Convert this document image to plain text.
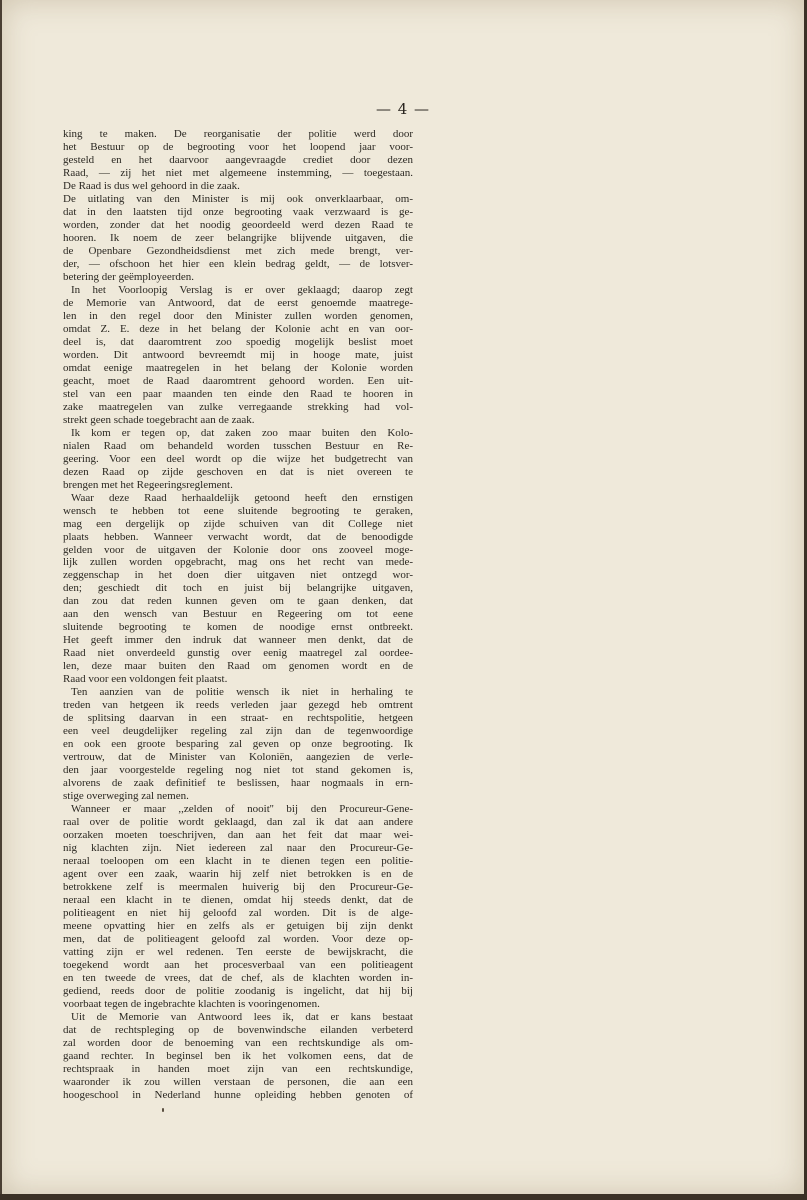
— 4 —
king te maken. De reorganisatie der politie werd door
het Bestuur op de begrooting voor het loopend jaar voor-
gesteld en het daarvoor aangevraagde crediet door dezen
Raad, — zij het niet met algemeene instemming, — toegestaan.
De Raad is dus wel gehoord in die zaak.
De uitlating van den Minister is mij ook onverklaarbaar, om-
dat in den laatsten tijd onze begrooting vaak verzwaard is ge-
worden, zonder dat het noodig geoordeeld werd dezen Raad te
hooren. Ik noem de zeer belangrijke blijvende uitgaven, die
de Openbare Gezondheidsdienst met zich mede brengt, ver-
der, — ofschoon het hier een klein bedrag geldt, — de lotsver-
betering der geëmployeerden.
In het Voorloopig Verslag is er over geklaagd; daarop zegt
de Memorie van Antwoord, dat de eerst genoemde maatrege-
len in den regel door den Minister zullen worden genomen,
omdat Z. E. deze in het belang der Kolonie acht en van oor-
deel is, dat daaromtrent zoo spoedig mogelijk beslist moet
worden. Dit antwoord bevreemdt mij in hooge mate, juist
omdat eenige maatregelen in het belang der Kolonie worden
geacht, moet de Raad daaromtrent gehoord worden. Een uit-
stel van een paar maanden ten einde den Raad te hooren in
zake maatregelen van zulke verregaande strekking had vol-
strekt geen schade toegebracht aan de zaak.
Ik kom er tegen op, dat zaken zoo maar buiten den Kolo-
nialen Raad om behandeld worden tusschen Bestuur en Re-
geering. Voor een deel wordt op die wijze het budgetrecht van
dezen Raad op zijde geschoven en dat is niet overeen te
brengen met het Regeeringsreglement.
Waar deze Raad herhaaldelijk getoond heeft den ernstigen
wensch te hebben tot eene sluitende begrooting te geraken,
mag een dergelijk op zijde schuiven van dit College niet
plaats hebben. Wanneer verwacht wordt, dat de benoodigde
gelden voor de uitgaven der Kolonie door ons zooveel moge-
lijk zullen worden opgebracht, mag ons het recht van mede-
zeggenschap in het doen dier uitgaven niet ontzegd wor-
den; geschiedt dit toch en juist bij belangrijke uitgaven,
dan zou dat reden kunnen geven om te gaan denken, dat
aan den wensch van Bestuur en Regeering om tot eene
sluitende begrooting te komen de noodige ernst ontbreekt.
Het geeft immer den indruk dat wanneer men denkt, dat de
Raad niet onverdeeld gunstig over eenig maatregel zal oordee-
len, deze maar buiten den Raad om genomen wordt en de
Raad voor een voldongen feit plaatst.
Ten aanzien van de politie wensch ik niet in herhaling te
treden van hetgeen ik reeds verleden jaar gezegd heb omtrent
de splitsing daarvan in een straat- en rechtspolitie, hetgeen
een veel deugdelijker regeling zal zijn dan de tegenwoordige
en ook een groote besparing zal geven op onze begrooting. Ik
vertrouw, dat de Minister van Koloniën, aangezien de verle-
den jaar voorgestelde regeling nog niet tot stand gekomen is,
alvorens de zaak definitief te beslissen, haar nogmaals in ern-
stige overweging zal nemen.
Wanneer er maar ,,zelden of nooit'' bij den Procureur-Gene-
raal over de politie wordt geklaagd, dan zal ik dat aan andere
oorzaken moeten toeschrijven, dan aan het feit dat maar wei-
nig klachten zijn. Niet iedereen zal naar den Procureur-Ge-
neraal toeloopen om een klacht in te dienen tegen een politie-
agent over een zaak, waarin hij zelf niet betrokken is en de
betrokkene zelf is meermalen huiverig bij den Procureur-Ge-
neraal een klacht in te dienen, omdat hij steeds denkt, dat de
politieagent en niet hij geloofd zal worden. Dit is de alge-
meene opvatting hier en zelfs als er getuigen bij zijn denkt
men, dat de politieagent geloofd zal worden. Voor deze op-
vatting zijn er wel redenen. Ten eerste de bewijskracht, die
toegekend wordt aan het procesverbaal van een politieagent
en ten tweede de vrees, dat de chef, als de klachten worden in-
gediend, reeds door de politie zoodanig is ingelicht, dat hij bij
voorbaat tegen de ingebrachte klachten is vooringenomen.
Uit de Memorie van Antwoord lees ik, dat er kans bestaat
dat de rechtspleging op de bovenwindsche eilanden verbeterd
zal worden door de benoeming van een rechtskundige als om-
gaand rechter. In beginsel ben ik het volkomen eens, dat de
rechtspraak in handen moet zijn van een rechtskundige,
waaronder ik zou willen verstaan de personen, die aan een
hoogeschool in Nederland hunne opleiding hebben genoten of
